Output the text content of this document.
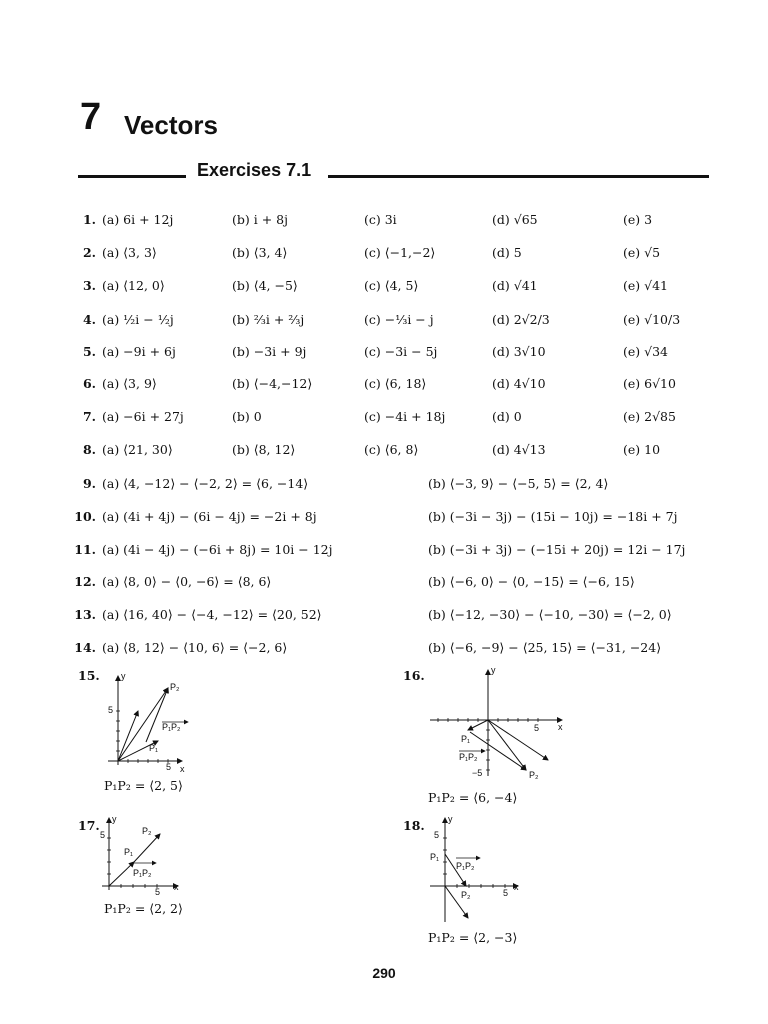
7 Vectors
Exercises 7.1
1. (a) 6i + 12j	(b) i + 8j	(c) 3i	(d) √65	(e) 3
2. (a) ⟨3, 3⟩	(b) ⟨3, 4⟩	(c) ⟨−1,−2⟩	(d) 5	(e) √5
3. (a) ⟨12, 0⟩	(b) ⟨4, −5⟩	(c) ⟨4, 5⟩	(d) √41	(e) √41
4. (a) ½i − ½j	(b) ⅔i + ⅔j	(c) −⅓i − j	(d) 2√2/3	(e) √10/3
5. (a) −9i + 6j	(b) −3i + 9j	(c) −3i − 5j	(d) 3√10	(e) √34
6. (a) ⟨3, 9⟩	(b) ⟨−4,−12⟩	(c) ⟨6, 18⟩	(d) 4√10	(e) 6√10
7. (a) −6i + 27j	(b) 0	(c) −4i + 18j	(d) 0	(e) 2√85
8. (a) ⟨21, 30⟩	(b) ⟨8, 12⟩	(c) ⟨6, 8⟩	(d) 4√13	(e) 10
9. (a) ⟨4, −12⟩ − ⟨−2, 2⟩ = ⟨6, −14⟩	(b) ⟨−3, 9⟩ − ⟨−5, 5⟩ = ⟨2, 4⟩
10. (a) (4i + 4j) − (6i − 4j) = −2i + 8j	(b) (−3i − 3j) − (15i − 10j) = −18i + 7j
11. (a) (4i − 4j) − (−6i + 8j) = 10i − 12j	(b) (−3i + 3j) − (−15i + 20j) = 12i − 17j
12. (a) ⟨8, 0⟩ − ⟨0, −6⟩ = ⟨8, 6⟩	(b) ⟨−6, 0⟩ − ⟨0, −15⟩ = ⟨−6, 15⟩
13. (a) ⟨16, 40⟩ − ⟨−4, −12⟩ = ⟨20, 52⟩	(b) ⟨−12, −30⟩ − ⟨−10, −30⟩ = ⟨−2, 0⟩
14. (a) ⟨8, 12⟩ − ⟨10, 6⟩ = ⟨−2, 6⟩	(b) ⟨−6, −9⟩ − ⟨25, 15⟩ = ⟨−31, −24⟩
15. y
x
5
5
P₂
P₁
P₁P₂
P₁P₂ = ⟨2, 5⟩
16.	y
x
5
−5
P₁
P₁P₂
P₂
P₁P₂ = ⟨6, −4⟩
17. y
5
5 x
P₂
P₁
P₁P₂
P₁P₂ = ⟨2, 2⟩
18.	y
5
5
x
P₁
P₁P₂
P₂
P₁P₂ = ⟨2, −3⟩
290
